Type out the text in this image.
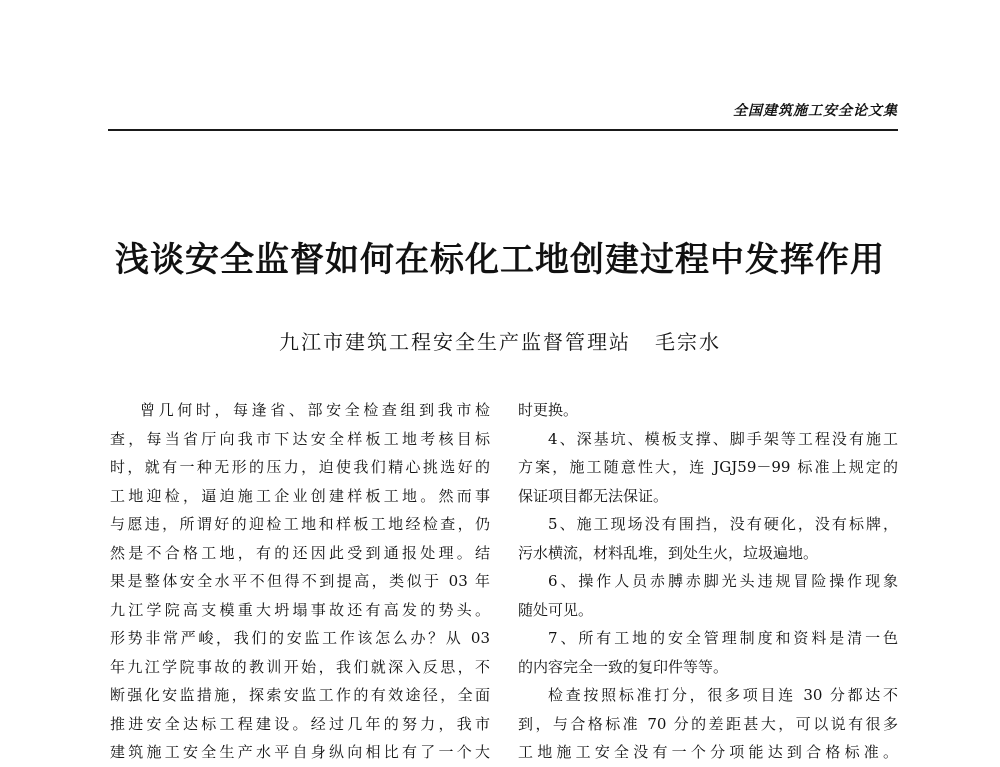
全国建筑施工安全论文集
浅谈安全监督如何在标化工地创建过程中发挥作用
九江市建筑工程安全生产监督管理站 毛宗水
曾几何时，每逢省、部安全检查组到我市检
查，每当省厅向我市下达安全样板工地考核目标
时，就有一种无形的压力，迫使我们精心挑选好的
工地迎检，逼迫施工企业创建样板工地。然而事
与愿违，所谓好的迎检工地和样板工地经检查，仍
然是不合格工地，有的还因此受到通报处理。结
果是整体安全水平不但得不到提高，类似于 03 年
九江学院高支模重大坍塌事故还有高发的势头。
形势非常严峻，我们的安监工作该怎么办？从 03
年九江学院事故的教训开始，我们就深入反思，不
断强化安监措施，探索安监工作的有效途径，全面
推进安全达标工程建设。经过几年的努力，我市
建筑施工安全生产水平自身纵向相比有了一个大
时更换。
4、深基坑、模板支撑、脚手架等工程没有施工
方案，施工随意性大，连 JGJ59－99 标准上规定的
保证项目都无法保证。
5、施工现场没有围挡，没有硬化，没有标牌，
污水横流，材料乱堆，到处生火，垃圾遍地。
6、操作人员赤膊赤脚光头违规冒险操作现象
随处可见。
7、所有工地的安全管理制度和资料是清一色
的内容完全一致的复印件等等。
检查按照标准打分，很多项目连 30 分都达不
到，与合格标准 70 分的差距甚大，可以说有很多
工地施工安全没有一个分项能达到合格标准。
